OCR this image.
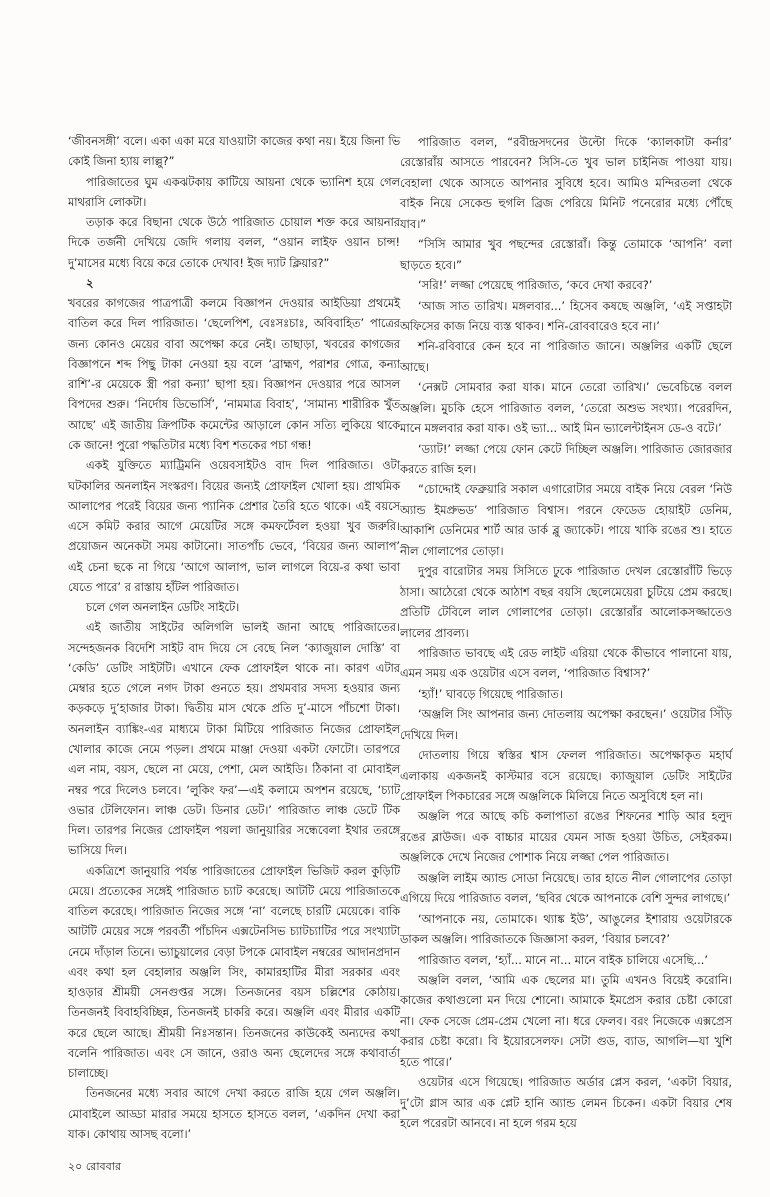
‘জীবনসঙ্গী’ বলে। একা একা মরে যাওয়াটা কাজের কথা নয়। ইয়ে জিনা ভি কোই জিনা হ্যায় লাল্লু?”

পারিজাতের ঘুম একঝটকায় কাটিয়ে আয়না থেকে ভ্যানিশ হয়ে গেল মাথরাসি লোকটা।

তড়াক করে বিছানা থেকে উঠে পারিজাত চোয়াল শক্ত করে আয়নার দিকে তর্জনী দেখিয়ে জেদি গলায় বলল, “ওয়ান লাইফ ওয়ান চান্স! দু’মাসের মধ্যে বিয়ে করে তোকে দেখাব! ইজ দ্যাট ক্লিয়ার?”

২

খবরের কাগজের পাত্রপাত্রী কলমে বিজ্ঞাপন দেওয়ার আইডিয়া প্রথমেই বাতিল করে দিল পারিজাত। ‘ছেলেপিশ, বেঃসঃচাঃ, অবিবাহিত’ পাত্রের জন্য কোনও মেয়ের বাবা অপেক্ষা করে নেই। তাছাড়া, খবরের কাগজের বিজ্ঞাপনে শব্দ পিছু টাকা নেওয়া হয় বলে ‘ব্রাহ্মণ, পরাশর গোত্র, কন্যা রাশি’-র মেয়েকে স্ত্রী পরা কন্যা’ ছাপা হয়। বিজ্ঞাপন দেওয়ার পরে আসল বিপদের শুরু। ‘নির্দোষ ডিভোর্সি’, ‘নামমাত্র বিবাহ’, ‘সামান্য শারীরিক খুঁত আছে’ এই জাতীয় ক্রিপটিক কমেন্টের আড়ালে কোন সত্যি লুকিয়ে থাকে কে জানে! পুরো পদ্ধতিটার মধ্যে বিশ শতকের পচা গন্ধ!

একই যুক্তিতে ম্যাট্রিমনি ওয়েবসাইটও বাদ দিল পারিজাত। ওটা ঘটকালির অনলাইন সংস্করণ। বিয়ের জন্যই প্রোফাইল খোলা হয়। প্রাথমিক আলাপের পরেই বিয়ের জন্য প্যানিক প্রেশার তৈরি হতে থাকে। এই বয়সে এসে কমিট করার আগে মেয়েটির সঙ্গে কমফর্টেবল হওয়া খুব জরুরি। প্রয়োজন অনেকটা সময় কাটানো। সাতপাঁচ ভেবে, ‘বিয়ের জন্য আলাপ’ এই চেনা ছকে না গিয়ে ‘আগে আলাপ, ভাল লাগলে বিয়ে-র কথা ভাবা যেতে পারে’ র রাস্তায় হাঁটল পারিজাত।

চলে গেল অনলাইন ডেটিং সাইটে।

এই জাতীয় সাইটের অলিগলি ভালই জানা আছে পারিজাতের। সন্দেহজনক বিদেশি সাইট বাদ দিয়ে সে বেছে নিল ‘ক্যাজুয়াল দোস্তি’ বা ‘কেডি’ ডেটিং সাইটটি। এখানে ফেক প্রোফাইল থাকে না। কারণ এটার মেম্বার হতে গেলে নগদ টাকা গুনতে হয়। প্রথমবার সদস্য হওয়ার জন্য কড়কড়ে দু’হাজার টাকা। দ্বিতীয় মাস থেকে প্রতি দু’-মাসে পাঁচশো টাকা। অনলাইন ব্যাঙ্কিং-এর মাধ্যমে টাকা মিটিয়ে পারিজাত নিজের প্রোফাইল খোলার কাজে নেমে পড়ল। প্রথমে মাঞ্জা দেওয়া একটা ফোটো। তারপরে এল নাম, বয়স, ছেলে না মেয়ে, পেশা, মেল আইডি। ঠিকানা বা মোবাইল নম্বর পরে দিলেও চলবে। ‘লুকিং ফর’—এই কলামে অপশন রয়েছে, ‘চ্যাট ওভার টেলিফোন। লাঞ্চ ডেট। ডিনার ডেট।’ পারিজাত লাঞ্চ ডেটে টিক দিল। তারপর নিজের প্রোফাইল পয়লা জানুয়ারির সন্ধেবেলা ইথার তরঙ্গে ভাসিয়ে দিল।

একত্রিশে জানুয়ারি পর্যন্ত পারিজাতের প্রোফাইল ভিজিট করল কুড়িটি মেয়ে। প্রত্যেকের সঙ্গেই পারিজাত চ্যাট করেছে। আটটি মেয়ে পারিজাতকে বাতিল করেছে। পারিজাত নিজের সঙ্গে ‘না’ বলেছে চারটি মেয়েকে। বাকি আটটি মেয়ের সঙ্গে পরবর্তী পাঁচদিন এক্সটেনসিভ চ্যাটচ্যাটির পরে সংখ্যাটা নেমে দাঁড়াল তিনে। ভ্যাচুয়ালের বেড়া টপকে মোবাইল নম্বরের আদানপ্রদান এবং কথা হল বেহালার অঞ্জলি সিং, কামারহাটির মীরা সরকার এবং হাওড়ার শ্রীময়ী সেনগুপ্তর সঙ্গে। তিনজনের বয়স চল্লিশের কোঠায়। তিনজনই বিবাহবিচ্ছিন্ন, তিনজনই চাকরি করে। অঞ্জলি এবং মীরার একটি করে ছেলে আছে। শ্রীময়ী নিঃসন্তান। তিনজনের কাউকেই অন্যদের কথা বলেনি পারিজাত। এবং সে জানে, ওরাও অন্য ছেলেদের সঙ্গে কথাবার্তা চালাচ্ছে।

তিনজনের মধ্যে সবার আগে দেখা করতে রাজি হয়ে গেল অঞ্জলি। মোবাইলে আড্ডা মারার সময়ে হাসতে হাসতে বলল, ‘একদিন দেখা করা যাক। কোথায় আসছ বলো।’

পারিজাত বলল, “রবীন্দ্রসদনের উল্টো দিকে ‘ক্যালকাটা কর্নার’ রেস্তোরাঁয় আসতে পারবেন? সিসি-তে খুব ভাল চাইনিজ পাওয়া যায়। বেহালা থেকে আসতে আপনার সুবিধে হবে। আমিও মন্দিরতলা থেকে বাইক নিয়ে সেকেন্ড হুগলি ব্রিজ পেরিয়ে মিনিট পনেরোর মধ্যে পৌঁছে যাব।”

“সিসি আমার খুব পছন্দের রেস্তোরাঁ। কিন্তু তোমাকে ‘আপনি’ বলা ছাড়তে হবে।”

‘সরি!’ লজ্জা পেয়েছে পারিজাত, ‘কবে দেখা করবে?’

‘আজ সাত তারিখ। মঙ্গলবার...’ হিসেব কষছে অঞ্জলি, ‘এই সপ্তাহটা অফিসের কাজ নিয়ে ব্যস্ত থাকব। শনি-রোববারেও হবে না।’

শনি-রবিবারে কেন হবে না পারিজাত জানে। অঞ্জলির একটি ছেলে আছে।

‘নেক্সট সোমবার করা যাক। মানে তেরো তারিখ।’ ভেবেচিন্তে বলল অঞ্জলি। মুচকি হেসে পারিজাত বলল, ‘তেরো অশুভ সংখ্যা। পরেরদিন, মানে মঙ্গলবার করা যাক। ওই ভ্যা... আই মিন ভ্যালেন্টাইনস ডে-ও বটে।’

‘ড্যাট!’ লজ্জা পেয়ে ফোন কেটে দিচ্ছিল অঞ্জলি। পারিজাত জোরজার করতে রাজি হল।

“চোদ্দোই ফেব্রুয়ারি সকাল এগারোটার সময়ে বাইক নিয়ে বেরল ‘নিউ অ্যান্ড ইমপ্রুভড’ পারিজাত বিশ্বাস। পরনে ফেডেড হোয়াইট ডেনিম, আকাশি ডেনিমের শার্ট আর ডার্ক ব্লু জ্যাকেট। পায়ে খাকি রঙের শু। হাতে নীল গোলাপের তোড়া।

দুপুর বারোটার সময় সিসিতে ঢুকে পারিজাত দেখল রেস্তোরাঁটি ভিড়ে ঠাসা। আঠেরো থেকে আঠাশ বছর বয়সি ছেলেমেয়েরা চুটিয়ে প্রেম করছে। প্রতিটি টেবিলে লাল গোলাপের তোড়া। রেস্তোরাঁর আলোকসজ্জাতেও লালের প্রাবল্য।

পারিজাত ভাবছে এই রেড লাইট এরিয়া থেকে কীভাবে পালানো যায়, এমন সময় এক ওয়েটার এসে বলল, ‘পারিজাত বিশ্বাস?’

‘হ্যাঁ!’ ঘাবড়ে গিয়েছে পারিজাত।

‘অঞ্জলি সিং আপনার জন্য দোতলায় অপেক্ষা করছেন।’ ওয়েটার সিঁড়ি দেখিয়ে দিল।

দোতলায় গিয়ে স্বস্তির শ্বাস ফেলল পারিজাত। অপেক্ষাকৃত মহার্ঘ এলাকায় একজনই কাস্টমার বসে রয়েছে। ক্যাজুয়াল ডেটিং সাইটের প্রোফাইল পিকচারের সঙ্গে অঞ্জলিকে মিলিয়ে নিতে অসুবিধে হল না।

অঞ্জলি পরে আছে কচি কলাপাতা রঙের শিফনের শাড়ি আর হলুদ রঙের ব্লাউজ। এক বাচ্চার মায়ের যেমন সাজ হওয়া উচিত, সেইরকম। অঞ্জলিকে দেখে নিজের পোশাক নিয়ে লজ্জা পেল পারিজাত।

অঞ্জলি লাইম অ্যান্ড সোডা নিয়েছে। তার হাতে নীল গোলাপের তোড়া এগিয়ে দিয়ে পারিজাত বলল, ‘ছবির থেকে আপনাকে বেশি সুন্দর লাগছে।’

‘আপনাকে নয়, তোমাকে। থ্যাঙ্ক ইউ’, আঙুলের ইশারায় ওয়েটারকে ডাকল অঞ্জলি। পারিজাতকে জিজ্ঞাসা করল, ‘বিয়ার চলবে?’

পারিজাত বলল, ‘হ্যাঁ... মানে না... মানে বাইক চালিয়ে এসেছি...’

অঞ্জলি বলল, ‘আমি এক ছেলের মা। তুমি এখনও বিয়েই করোনি। কাজের কথাগুলো মন দিয়ে শোনো। আমাকে ইমপ্রেস করার চেষ্টা কোরো না। ফেক সেজে প্রেম-প্রেম খেলো না। ধরে ফেলব। বরং নিজেকে এক্সপ্রেস করার চেষ্টা করো। বি ইয়োরসেলফ। সেটা গুড, ব্যাড, আগলি—যা খুশি হতে পারে।’

ওয়েটার এসে গিয়েছে। পারিজাত অর্ডার প্লেস করল, ‘একটা বিয়ার, দু’টো গ্লাস আর এক প্লেট হানি অ্যান্ড লেমন চিকেন। একটা বিয়ার শেষ হলে পরেরটা আনবে। না হলে গরম হয়ে

২০ রোববার
